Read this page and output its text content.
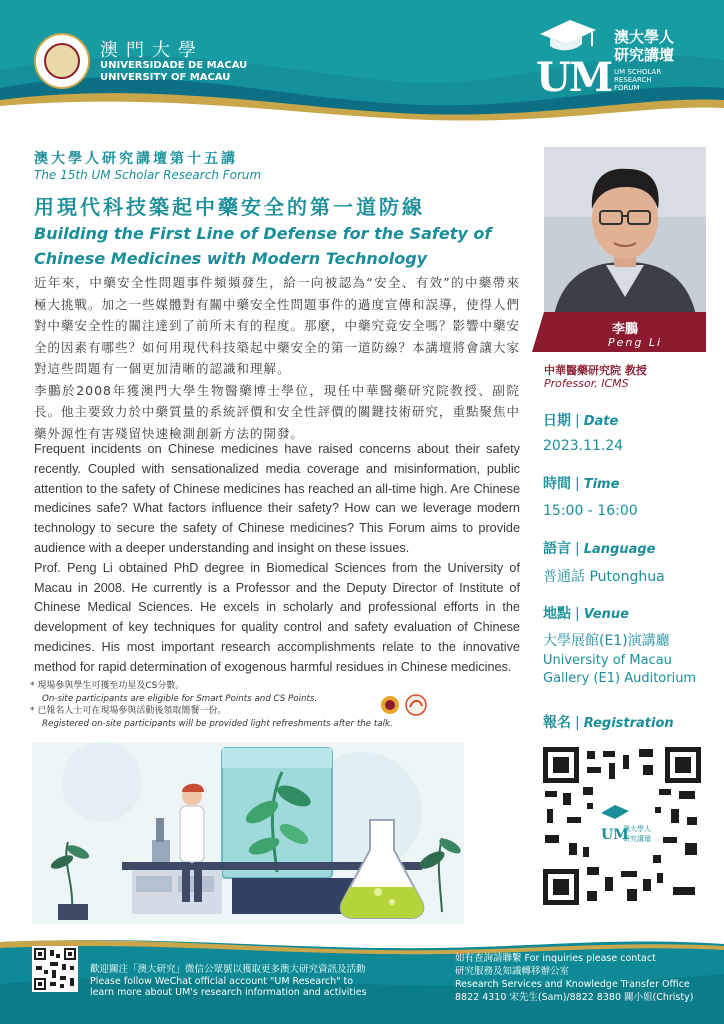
澳門大學
UNIVERSIDADE DE MACAU
UNIVERSITY OF MACAU	UM
澳大學人
研究講壇
UM SCHOLAR
RESEARCH
FORUM
澳大學人研究講壇第十五講
The 15th UM Scholar Research Forum
用現代科技築起中藥安全的第一道防線
Building the First Line of Defense for the Safety of Chinese Medicines with Modern Technology

近年來，中藥安全性問題事件頻頻發生，給一向被認為“安全、有效”的中藥帶來極大挑戰。加之一些媒體對有關中藥安全性問題事件的過度宣傳和誤導，使得人們對中藥安全性的關注達到了前所未有的程度。那麼，中藥究竟安全嗎？影響中藥安全的因素有哪些？如何用現代科技築起中藥安全的第一道防線？本講壇將會讓大家對這些問題有一個更加清晰的認識和理解。

李鵬於2008年獲澳門大學生物醫藥博士學位，現任中華醫藥研究院教授、副院長。他主要致力於中藥質量的系統評價和安全性評價的關鍵技術研究，重點聚焦中藥外源性有害殘留快速檢測創新方法的開發。

Frequent incidents on Chinese medicines have raised concerns about their safety recently. Coupled with sensationalized media coverage and misinformation, public attention to the safety of Chinese medicines has reached an all-time high. Are Chinese medicines safe? What factors influence their safety? How can we leverage modern technology to secure the safety of Chinese medicines? This Forum aims to provide audience with a deeper understanding and insight on these issues.

Prof. Peng Li obtained PhD degree in Biomedical Sciences from the University of Macau in 2008. He currently is a Professor and the Deputy Director of Institute of Chinese Medical Sciences. He excels in scholarly and professional efforts in the development of key techniques for quality control and safety evaluation of Chinese medicines. His most important research accomplishments relate to the innovative method for rapid determination of exogenous harmful residues in Chinese medicines.

* 現場參與學生可獲至功星及CS分數。
On-site participants are eligible for Smart Points and CS Points.
* 已報名人士可在現場參與活動後領取簡餐一份。
Registered on-site participants will be provided light refreshments after the talk.
李鵬
Peng Li
中華醫藥研究院 教授
Professor, ICMS
日期 | Date
2023.11.24
時間 | Time
15:00 - 16:00
語言 | Language
普通話 Putonghua
地點 | Venue
大學展館(E1)演講廳
University of Macau
Gallery (E1) Auditorium
報名 | Registration
UM
澳大學人
研究講壇
歡迎關注「澳大研究」微信公眾號以獲取更多澳大研究資訊及活動
Please follow WeChat official account "UM Research" to
learn more about UM's research information and activities
如有查詢請聯繫 For inquiries please contact
研究服務及知識轉移辦公室
Research Services and Knowledge Transfer Office
8822 4310 宋先生(Sam)/8822 8380 關小姐(Christy)
